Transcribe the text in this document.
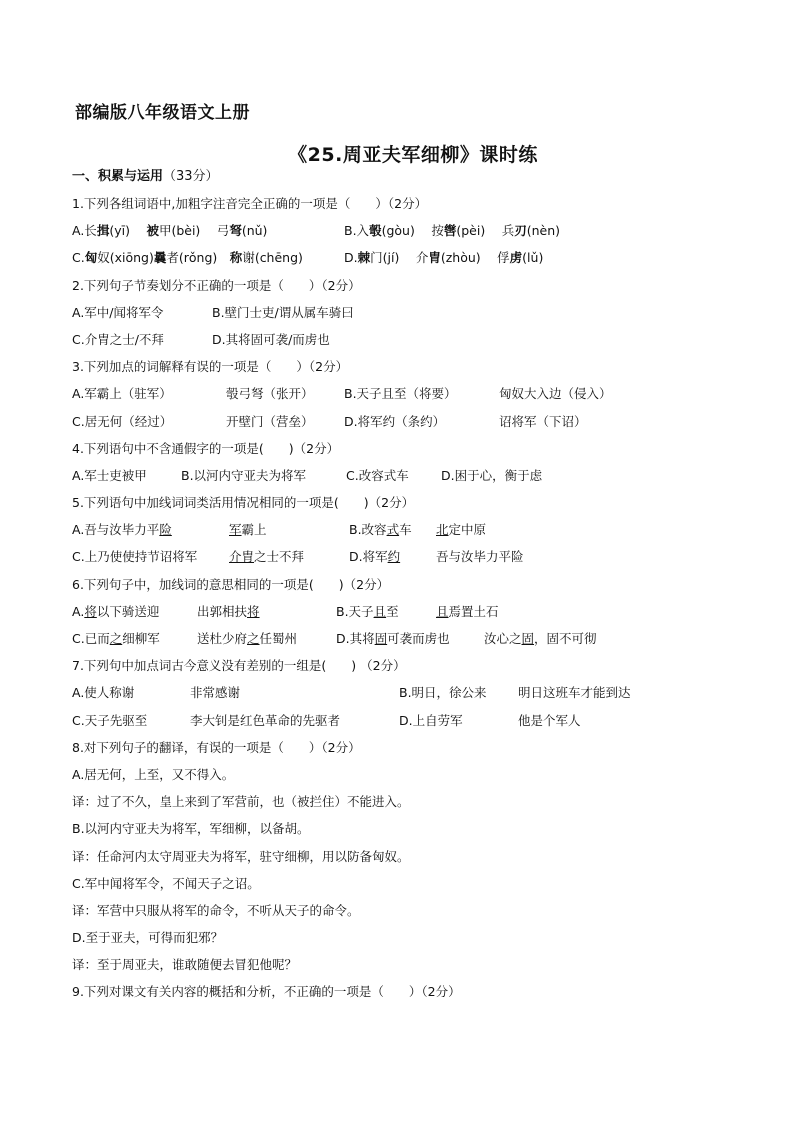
部编版八年级语文上册
《25.周亚夫军细柳》课时练
一、积累与运用（33分）
1.下列各组词语中,加粗字注音完全正确的一项是（　　）（2分）
A.长揖(yī)　 被甲(bèi)　 弓弩(nǔ)	B.入彀(gòu)　 按辔(pèi)　 兵刃(nèn)
C.匈奴(xiōng)曩者(rǒng)　 称谢(chēng)	D.棘门(jí)　 介胄(zhòu)　 俘虏(lǔ)
2.下列句子节奏划分不正确的一项是（　　）（2分）
A.军中/闻将军令	B.壁门士吏/谓从属车骑曰
C.介胄之士/不拜	D.其将固可袭/而虏也
3.下列加点的词解释有误的一项是（　　）（2分）
A.军霸上（驻军）	彀弓弩（张开） B.天子且至（将要）	匈奴大入边（侵入）
C.居无何（经过）	开壁门（营垒） D.将军约（条约）	诏将军（下诏）
4.下列语句中不含通假字的一项是(　　)（2分）
A.军士吏被甲	B.以河内守亚夫为将军	C.改容式车	D.困于心，衡于虑
5.下列语句中加线词词类活用情况相同的一项是(　　)（2分）
A.吾与汝毕力平险	军霸上	B.改容式车 北定中原
C.上乃使使持节诏将军	介胄之士不拜	D.将军约	吾与汝毕力平险
6.下列句子中，加线词的意思相同的一项是(　　)（2分）
A.将以下骑送迎	出郭相扶将	B.天子且至	且焉置土石
C.已而之细柳军	送杜少府之任蜀州	D.其将固可袭而虏也	汝心之固，固不可彻
7.下列句中加点词古今意义没有差别的一组是(　　) （2分）
A.使人称谢	非常感谢	B.明日，徐公来	明日这班车才能到达
C.天子先驱至	李大钊是红色革命的先驱者	D.上自劳军	他是个军人
8.对下列句子的翻译，有误的一项是（　　）（2分）
A.居无何，上至，又不得入。
译：过了不久，皇上来到了军营前，也（被拦住）不能进入。
B.以河内守亚夫为将军，军细柳，以备胡。
译：任命河内太守周亚夫为将军，驻守细柳，用以防备匈奴。
C.军中闻将军令，不闻天子之诏。
译：军营中只服从将军的命令，不听从天子的命令。
D.至于亚夫，可得而犯邪？
译：至于周亚夫，谁敢随便去冒犯他呢？
9.下列对课文有关内容的概括和分析，不正确的一项是（　　）（2分）
